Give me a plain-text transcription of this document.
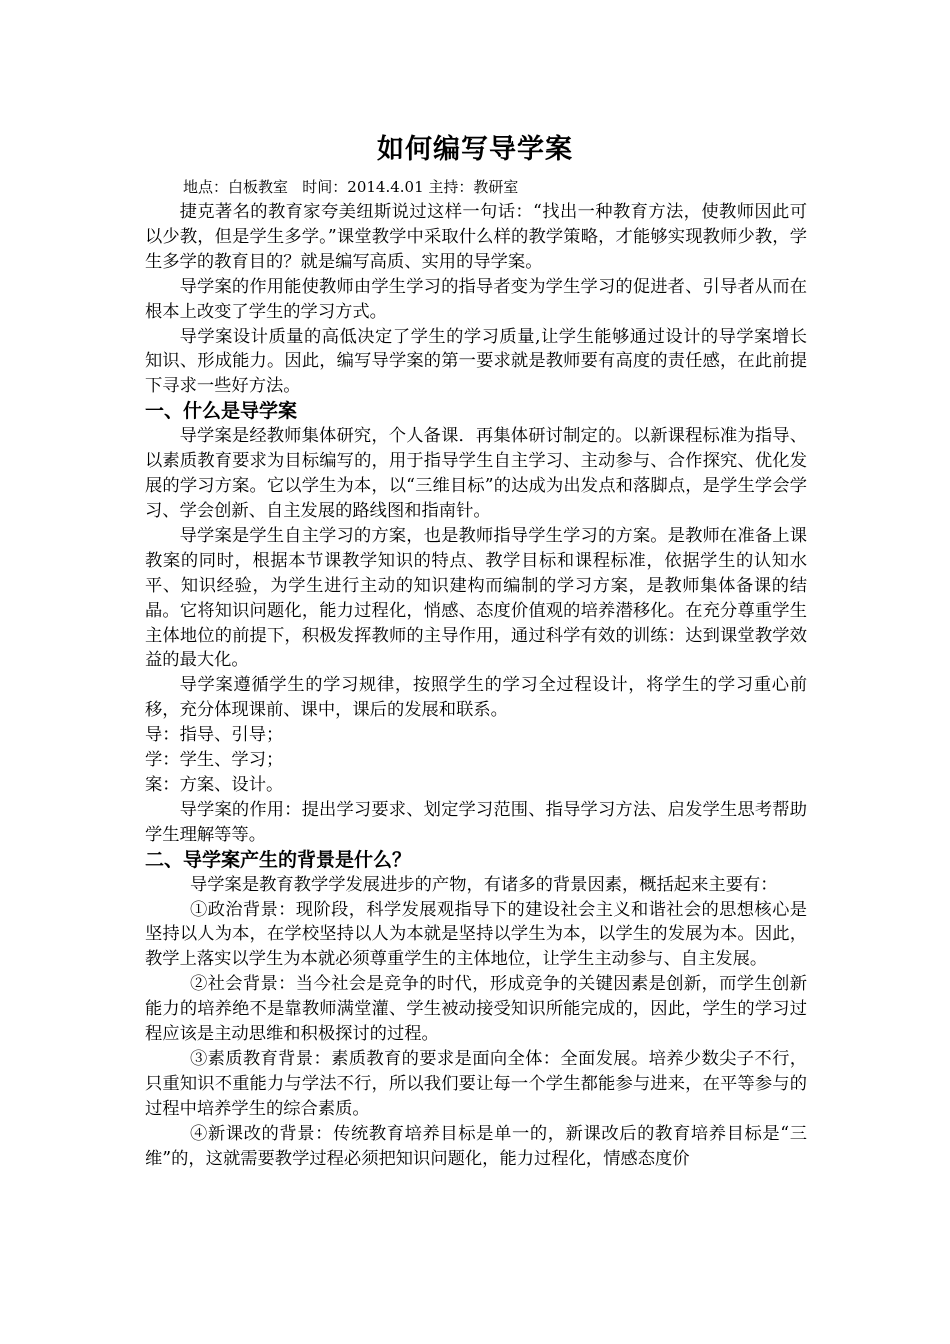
如何编写导学案
地点：白板教室   时间：2014.4.01 主持：教研室

捷克著名的教育家夸美纽斯说过这样一句话：“找出一种教育方法，使教师因此可以少教，但是学生多学。”课堂教学中采取什么样的教学策略，才能够实现教师少教，学生多学的教育目的？就是编写高质、实用的导学案。

导学案的作用能使教师由学生学习的指导者变为学生学习的促进者、引导者从而在根本上改变了学生的学习方式。

导学案设计质量的高低决定了学生的学习质量,让学生能够通过设计的导学案增长知识、形成能力。因此，编写导学案的第一要求就是教师要有高度的责任感，在此前提下寻求一些好方法。

一、什么是导学案

导学案是经教师集体研究，个人备课．再集体研讨制定的。以新课程标准为指导、以素质教育要求为目标编写的，用于指导学生自主学习、主动参与、合作探究、优化发展的学习方案。它以学生为本，以“三维目标”的达成为出发点和落脚点，是学生学会学习、学会创新、自主发展的路线图和指南针。

导学案是学生自主学习的方案，也是教师指导学生学习的方案。是教师在准备上课教案的同时，根据本节课教学知识的特点、教学目标和课程标准，依据学生的认知水平、知识经验，为学生进行主动的知识建构而编制的学习方案，是教师集体备课的结晶。它将知识问题化，能力过程化，悄感、态度价值观的培养潜移化。在充分尊重学生主体地位的前提下，积极发挥教师的主导作用，通过科学有效的训练：达到课堂教学效益的最大化。

导学案遵循学生的学习规律，按照学生的学习全过程设计，将学生的学习重心前移，充分体现课前、课中，课后的发展和联系。

导：指导、引导；

学：学生、学习；

案：方案、设计。

导学案的作用：提出学习要求、划定学习范围、指导学习方法、启发学生思考帮助学生理解等等。

二、导学案产生的背景是什么？

导学案是教育教学学发展进步的产物，有诸多的背景因素，概括起来主要有：

①政治背景：现阶段，科学发展观指导下的建设社会主义和谐社会的思想核心是坚持以人为本，在学校坚持以人为本就是坚持以学生为本，以学生的发展为本。因此，教学上落实以学生为本就必须尊重学生的主体地位，让学生主动参与、自主发展。

②社会背景：当今社会是竞争的时代，形成竞争的关键因素是创新，而学生创新能力的培养绝不是靠教师满堂灌、学生被动接受知识所能完成的，因此，学生的学习过程应该是主动思维和积极探讨的过程。

③素质教育背景：素质教育的要求是面向全体：全面发展。培养少数尖子不行，只重知识不重能力与学法不行，所以我们要让每一个学生都能参与进来，在平等参与的过程中培养学生的综合素质。

④新课改的背景：传统教育培养目标是单一的，新课改后的教育培养目标是“三维”的，这就需要教学过程必须把知识问题化，能力过程化，情感态度价
